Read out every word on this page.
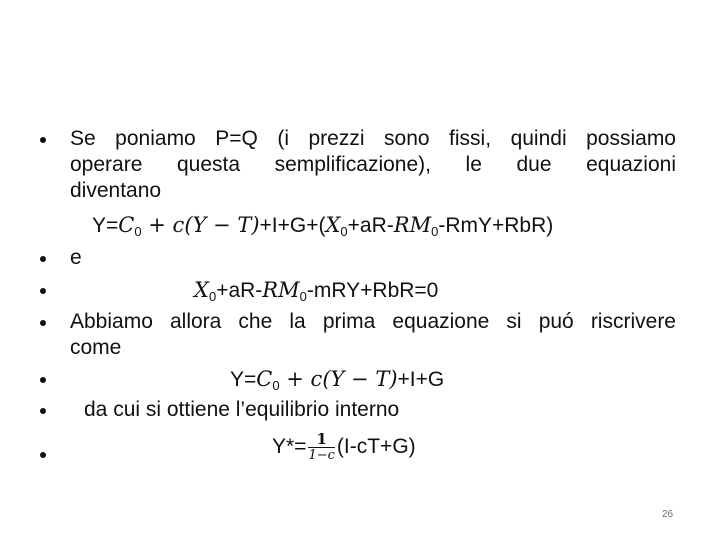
Se poniamo P=Q (i prezzi sono fissi, quindi possiamo
operare questa semplificazione), le due equazioni
diventano
$Y=C_0 + c(Y - T)+I+G+(X_0+aR-RM_0-RmY+RbR)$
e
$X_0+aR-RM_0-mRY+RbR=0$
Abbiamo allora che la prima equazione si puó riscrivere
come
$Y=C_0 + c(Y - T)+I+G$
da cui si ottiene l’equilibrio interno
$Y*= \frac{1}{1-c} (I-cT+G)$
26
